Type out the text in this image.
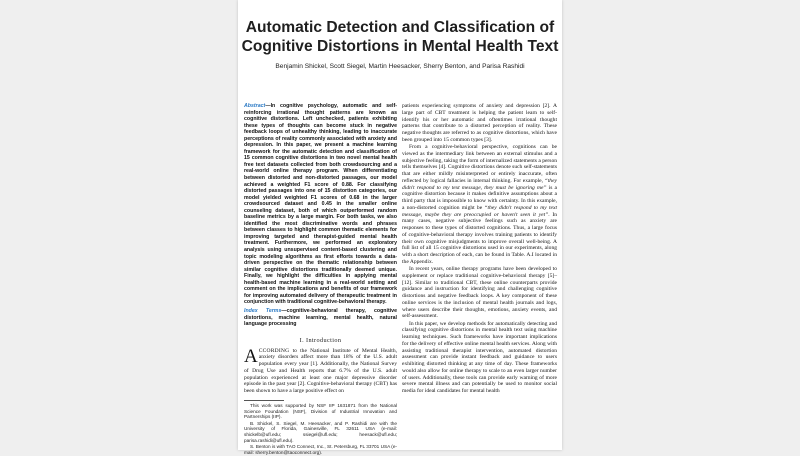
Automatic Detection and Classification of
Cognitive Distortions in Mental Health Text
Benjamin Shickel, Scott Siegel, Martin Heesacker, Sherry Benton, and Parisa Rashidi

Abstract—In cognitive psychology, automatic and self-reinforcing irrational thought patterns are known as cognitive distortions. Left unchecked, patients exhibiting these types of thoughts can become stuck in negative feedback loops of unhealthy thinking, leading to inaccurate perceptions of reality commonly associated with anxiety and depression. In this paper, we present a machine learning framework for the automatic detection and classification of 15 common cognitive distortions in two novel mental health free text datasets collected from both crowdsourcing and a real-world online therapy program. When differentiating between distorted and non-distorted passages, our model achieved a weighted F1 score of 0.88. For classifying distorted passages into one of 15 distortion categories, our model yielded weighted F1 scores of 0.68 in the larger crowdsourced dataset and 0.45 in the smaller online counseling dataset, both of which outperformed random baseline metrics by a large margin. For both tasks, we also identified the most discriminative words and phrases between classes to highlight common thematic elements for improving targeted and therapist-guided mental health treatment. Furthermore, we performed an exploratory analysis using unsupervised content-based clustering and topic modeling algorithms as first efforts towards a data-driven perspective on the thematic relationship between similar cognitive distortions traditionally deemed unique. Finally, we highlight the difficulties in applying mental health-based machine learning in a real-world setting and comment on the implications and benefits of our framework for improving automated delivery of therapeutic treatment in conjunction with traditional cognitive-behavioral therapy.

Index Terms—cognitive-behavioral therapy, cognitive distortions, machine learning, mental health, natural language processing

I. Introduction

ACCORDING to the National Institute of Mental Health, anxiety disorders affect more than 18% of the U.S. adult population every year [1]. Additionally, the National Survey of Drug Use and Health reports that 6.7% of the U.S. adult population experienced at least one major depressive disorder episode in the past year [2]. Cognitive-behavioral therapy (CBT) has been shown to have a large positive effect on

This work was supported by NSF IIP 1631871 from the National Science Foundation (NSF), Division of Industrial Innovation and Partnerships (IIP).

B. Shickel, S. Siegel, M. Heesacker, and P. Rashidi are with the University of Florida, Gainesville, FL 32611 USA (e-mail: shickelb@ufl.edu; ssiegel@ufl.edu; heesack@ufl.edu; parisa.rashidi@ufl.edu).

S. Benton is with TAO Connect, Inc., St. Petersburg, FL 33701 USA (e-mail: sherry.benton@taoconnect.org).

patients experiencing symptoms of anxiety and depression [2]. A large part of CBT treatment is helping the patient learn to self-identify his or her automatic and oftentimes irrational thought patterns that contribute to a distorted perception of reality. These negative thoughts are referred to as cognitive distortions, which have been grouped into 15 common types [3].

From a cognitive-behavioral perspective, cognitions can be viewed as the intermediary link between an external stimulus and a subjective feeling, taking the form of internalized statements a person tells themselves [4]. Cognitive distortions denote such self-statements that are either mildly misinterpreted or entirely inaccurate, often reflected by logical fallacies in internal thinking. For example, “they didn't respond to my text message, they must be ignoring me” is a cognitive distortion because it makes definitive assumptions about a third party that is impossible to know with certainty. In this example, a non-distorted cognition might be “they didn't respond to my text message, maybe they are preoccupied or haven't seen it yet”. In many cases, negative subjective feelings such as anxiety are responses to these types of distorted cognitions. Thus, a large focus of cognitive-behavioral therapy involves training patients to identify their own cognitive misjudgments to improve overall well-being. A full list of all 15 cognitive distortions used in our experiments, along with a short description of each, can be found in Table. A.I located in the Appendix.

In recent years, online therapy programs have been developed to supplement or replace traditional cognitive-behavioral therapy [5]–[12]. Similar to traditional CBT, these online counterparts provide guidance and instruction for identifying and challenging cognitive distortions and negative feedback loops. A key component of these online services is the inclusion of mental health journals and logs, where users describe their thoughts, emotions, anxiety events, and self-assessment.

In this paper, we develop methods for automatically detecting and classifying cognitive distortions in mental health text using machine learning techniques. Such frameworks have important implications for the delivery of effective online mental health services. Along with assisting traditional therapist intervention, automated distortion assessment can provide instant feedback and guidance to users exhibiting distorted thinking at any time of day. These frameworks would also allow for online therapy to scale to an even larger number of users. Additionally, these tools can provide early warning of more severe mental illness and can potentially be used to monitor social media for ideal candidates for mental health
